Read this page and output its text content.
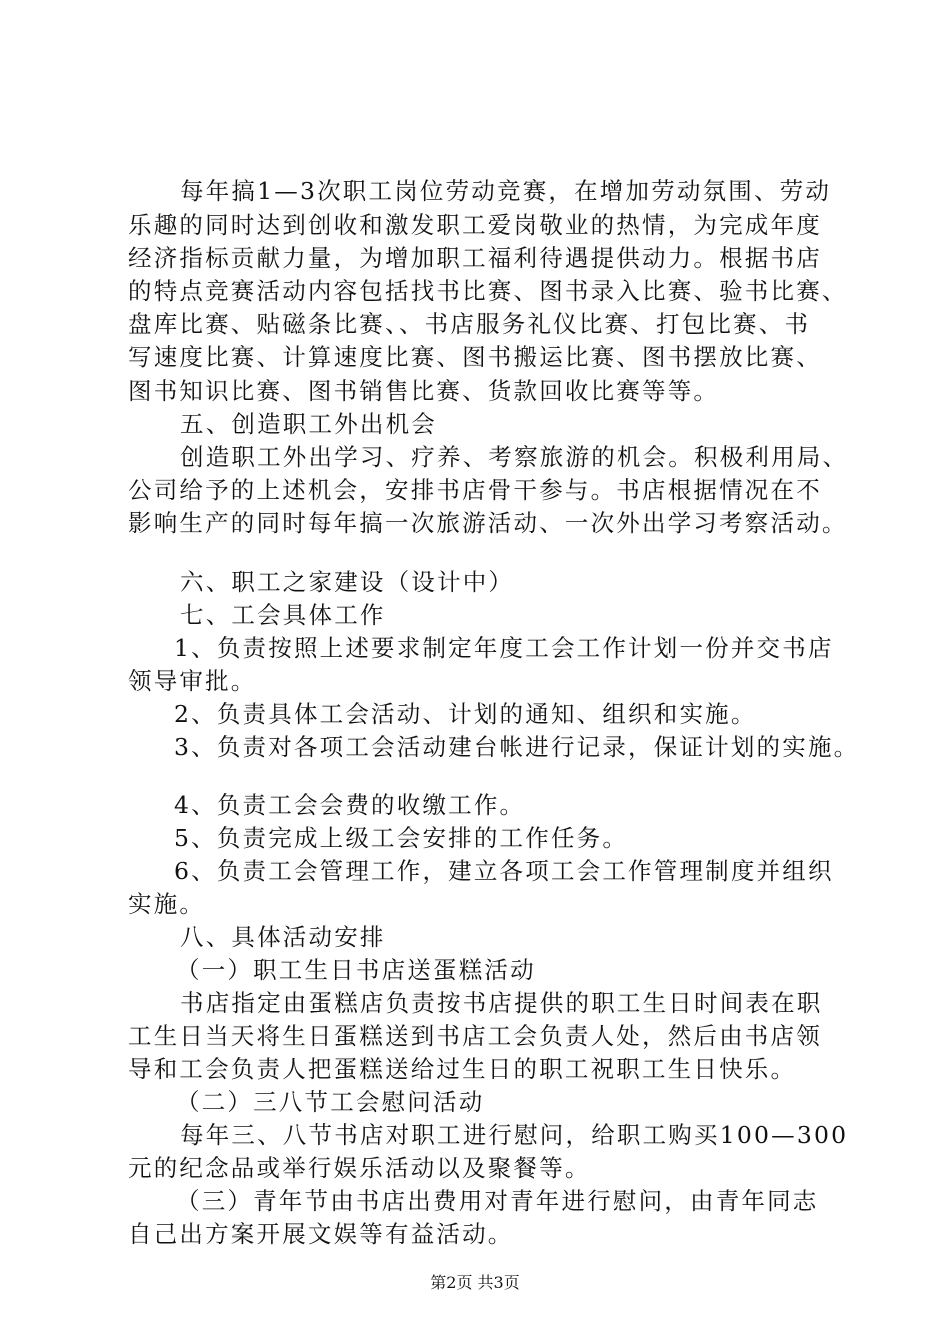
每年搞1—3次职工岗位劳动竞赛，在增加劳动氛围、劳动
乐趣的同时达到创收和激发职工爱岗敬业的热情，为完成年度
经济指标贡献力量，为增加职工福利待遇提供动力。根据书店
的特点竞赛活动内容包括找书比赛、图书录入比赛、验书比赛、
盘库比赛、贴磁条比赛、、书店服务礼仪比赛、打包比赛、书
写速度比赛、计算速度比赛、图书搬运比赛、图书摆放比赛、
图书知识比赛、图书销售比赛、货款回收比赛等等。
五、创造职工外出机会
创造职工外出学习、疗养、考察旅游的机会。积极利用局、
公司给予的上述机会，安排书店骨干参与。书店根据情况在不
影响生产的同时每年搞一次旅游活动、一次外出学习考察活动。
六、职工之家建设（设计中）
七、工会具体工作
1、负责按照上述要求制定年度工会工作计划一份并交书店
领导审批。
2、负责具体工会活动、计划的通知、组织和实施。
3、负责对各项工会活动建台帐进行记录，保证计划的实施。
4、负责工会会费的收缴工作。
5、负责完成上级工会安排的工作任务。
6、负责工会管理工作，建立各项工会工作管理制度并组织
实施。
八、具体活动安排
（一）职工生日书店送蛋糕活动
书店指定由蛋糕店负责按书店提供的职工生日时间表在职
工生日当天将生日蛋糕送到书店工会负责人处，然后由书店领
导和工会负责人把蛋糕送给过生日的职工祝职工生日快乐。
（二）三八节工会慰问活动
每年三、八节书店对职工进行慰问，给职工购买100—300
元的纪念品或举行娱乐活动以及聚餐等。
（三）青年节由书店出费用对青年进行慰问，由青年同志
自己出方案开展文娱等有益活动。
第2页 共3页
